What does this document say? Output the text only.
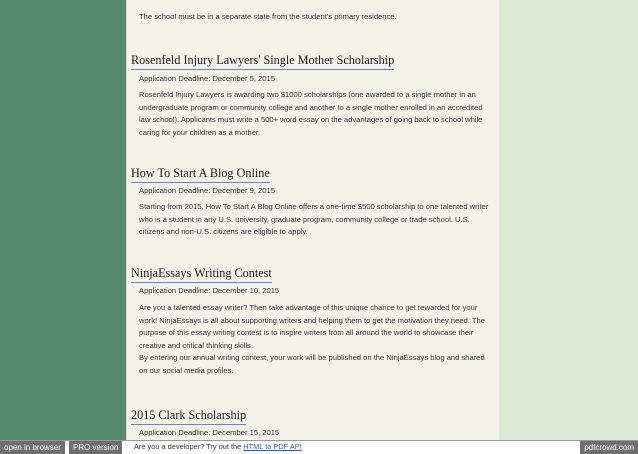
The school must be in a separate state from the student's primary residence.

Rosenfeld Injury Lawyers' Single Mother Scholarship

Application Deadline: December 5, 2015

Rosenfeld Injury Lawyers is awarding two $1000 scholarships (one awarded to a single mother in an undergraduate program or community college and another to a single mother enrolled in an accredited law school). Applicants must write a 500+ word essay on the advantages of going back to school while caring for your children as a mother.

How To Start A Blog Online

Application Deadline: December 9, 2015

Starting from 2015, How To Start A Blog Online offers a one-time $500 scholarship to one talented writer who is a student in any U.S. university, graduate program, community college or trade school. U.S. citizens and non-U.S. citizens are eligible to apply.

NinjaEssays Writing Contest

Application Deadline: December 10, 2015

Are you a talented essay writer? Then take advantage of this unique chance to get rewarded for your work! NinjaEssays is all about supporting writers and helping them to get the motivation they need. The purpose of this essay writing contest is to inspire writers from all around the world to showcase their creative and critical thinking skills.

By entering our annual writing contest, your work will be published on the NinjaEssays blog and shared on our social media profiles.

2015 Clark Scholarship

Application Deadline: December 15, 2015

open in browser	PRO version	Are you a developer? Try out the HTML to PDF API	pdfcrowd.com
